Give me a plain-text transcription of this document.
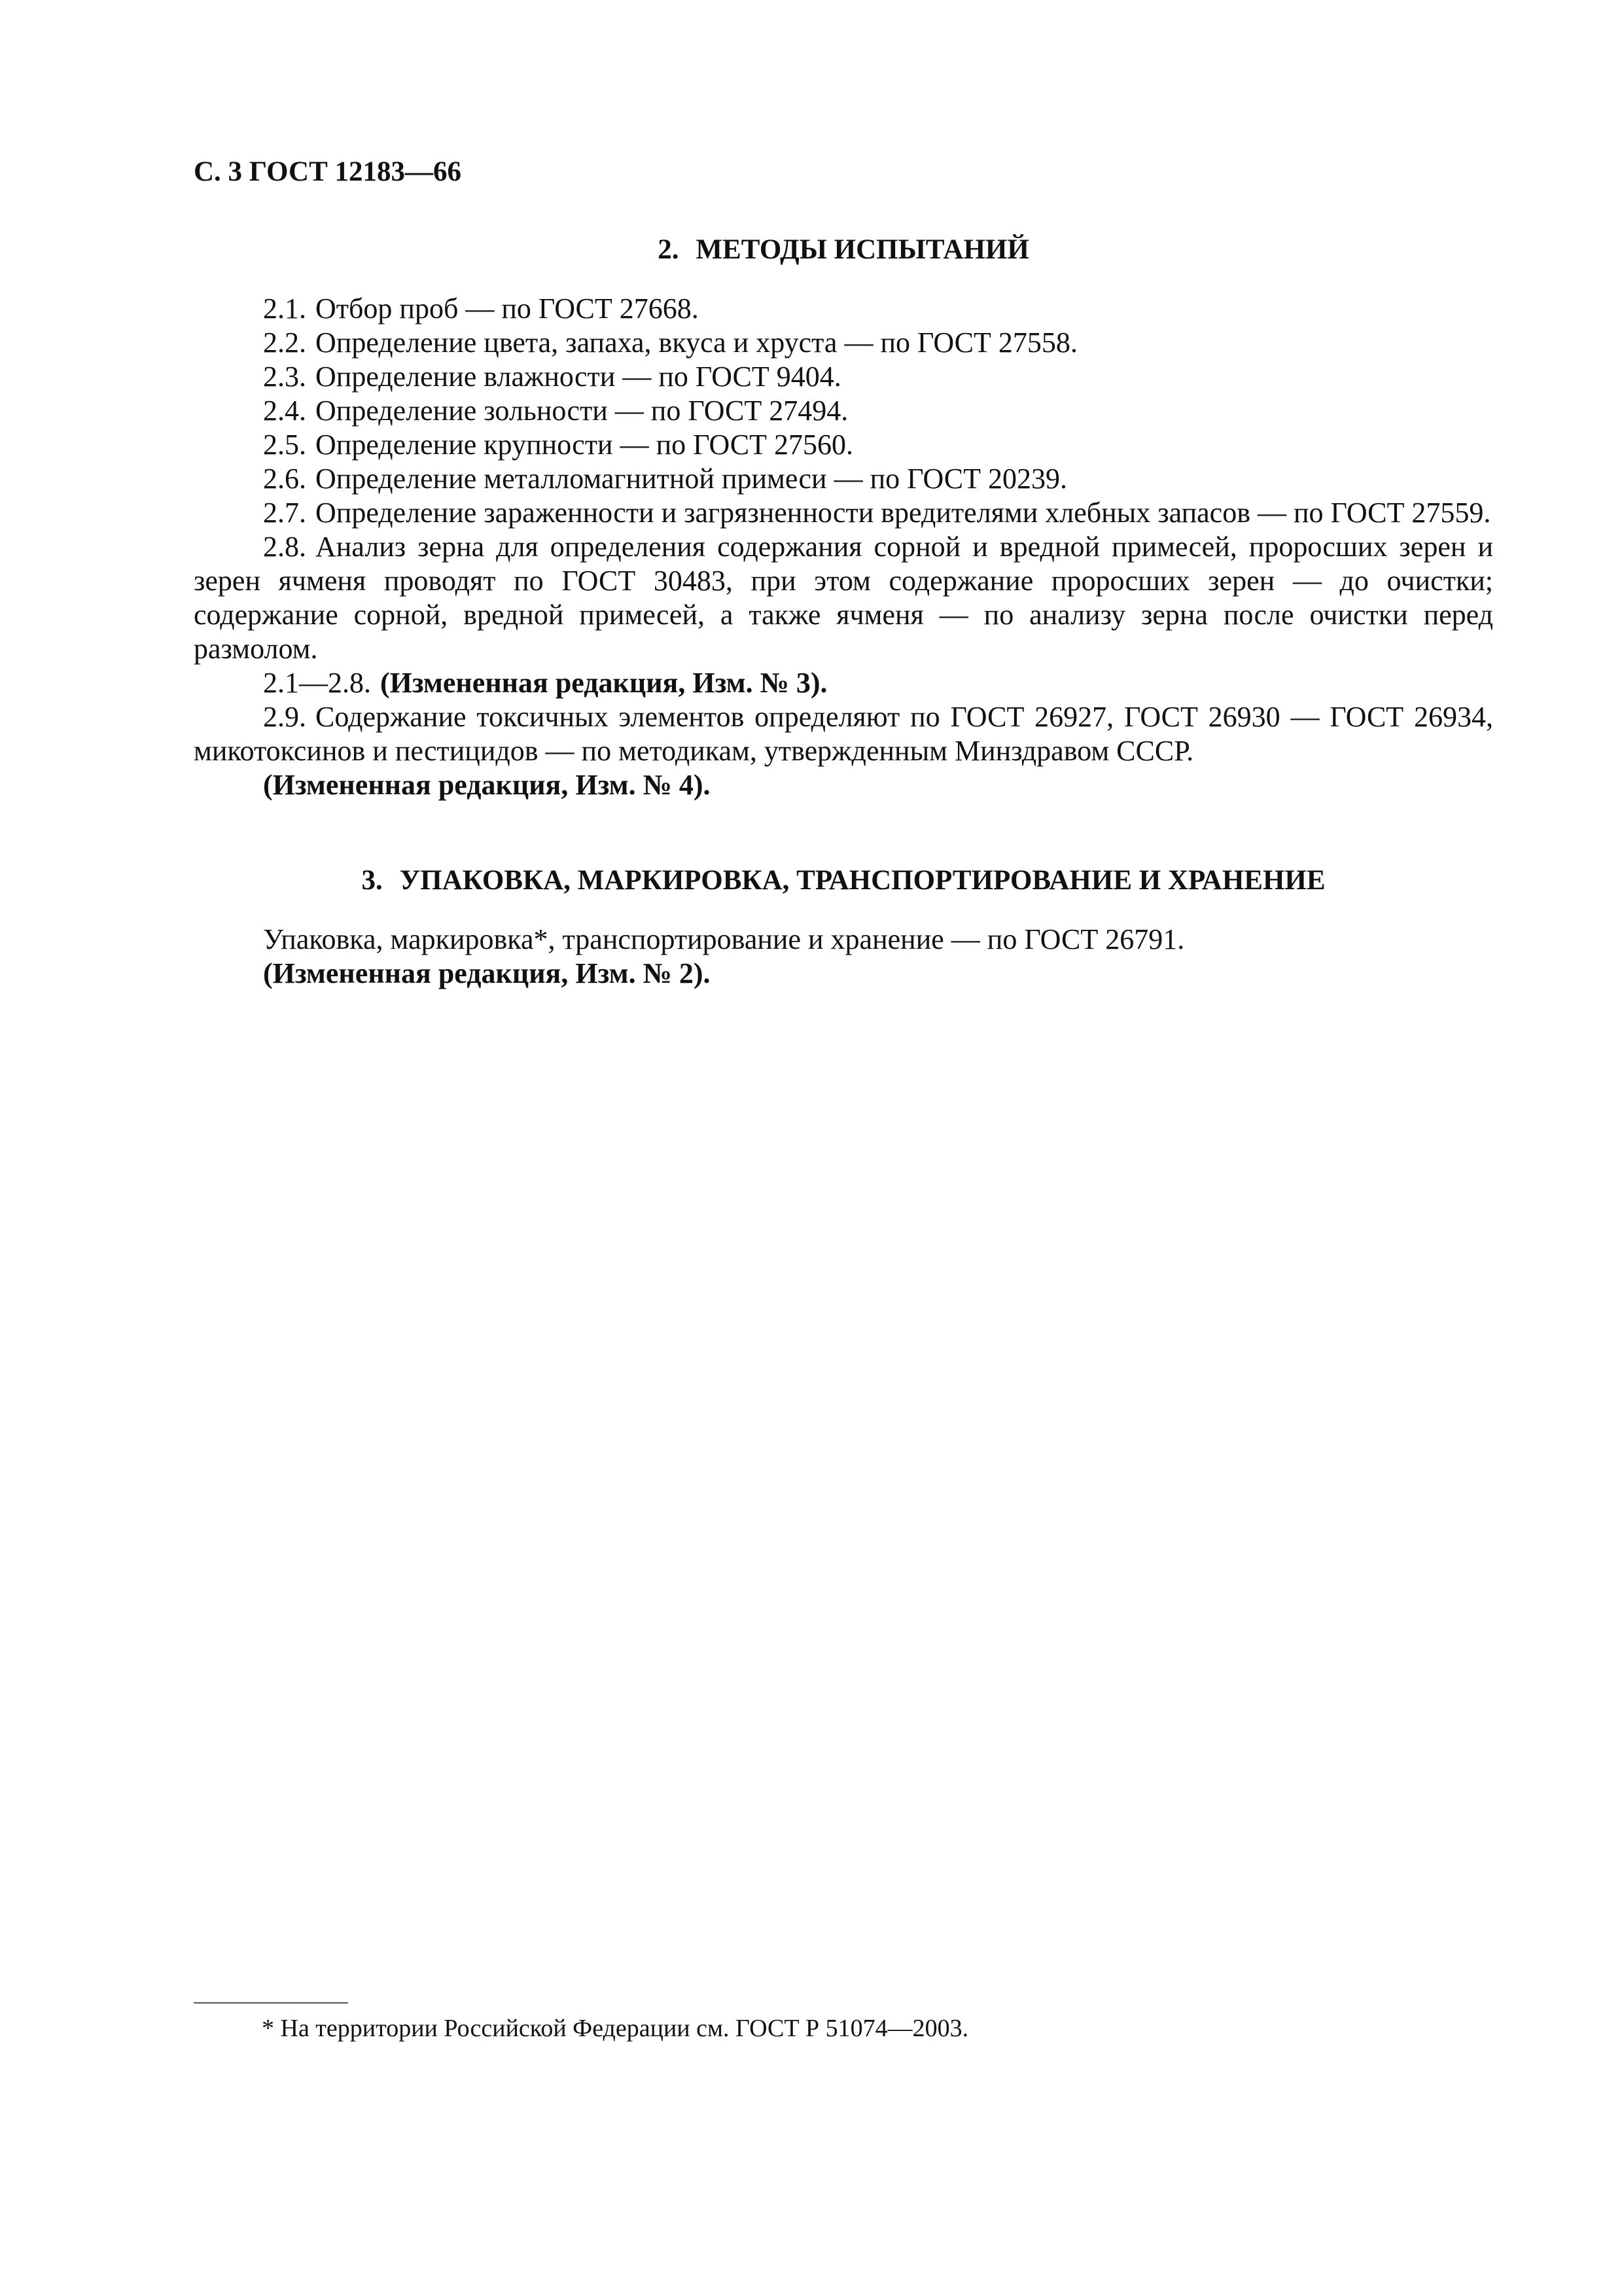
С. 3 ГОСТ 12183—66
2. МЕТОДЫ ИСПЫТАНИЙ

2.1. Отбор проб — по ГОСТ 27668.

2.2. Определение цвета, запаха, вкуса и хруста — по ГОСТ 27558.

2.3. Определение влажности — по ГОСТ 9404.

2.4. Определение зольности — по ГОСТ 27494.

2.5. Определение крупности — по ГОСТ 27560.

2.6. Определение металломагнитной примеси — по ГОСТ 20239.

2.7. Определение зараженности и загрязненности вредителями хлебных запасов — по ГОСТ 27559.

2.8. Анализ зерна для определения содержания сорной и вредной примесей, проросших зерен и зерен ячменя проводят по ГОСТ 30483, при этом содержание проросших зерен — до очистки; содержание сорной, вредной примесей, а также ячменя — по анализу зерна после очистки перед размолом.

2.1—2.8. (Измененная редакция, Изм. № 3).

2.9. Содержание токсичных элементов определяют по ГОСТ 26927, ГОСТ 26930 — ГОСТ 26934, микотоксинов и пестицидов — по методикам, утвержденным Минздравом СССР.

(Измененная редакция, Изм. № 4).

3. УПАКОВКА, МАРКИРОВКА, ТРАНСПОРТИРОВАНИЕ И ХРАНЕНИЕ

Упаковка, маркировка*, транспортирование и хранение — по ГОСТ 26791.

(Измененная редакция, Изм. № 2).

* На территории Российской Федерации см. ГОСТ Р 51074—2003.
